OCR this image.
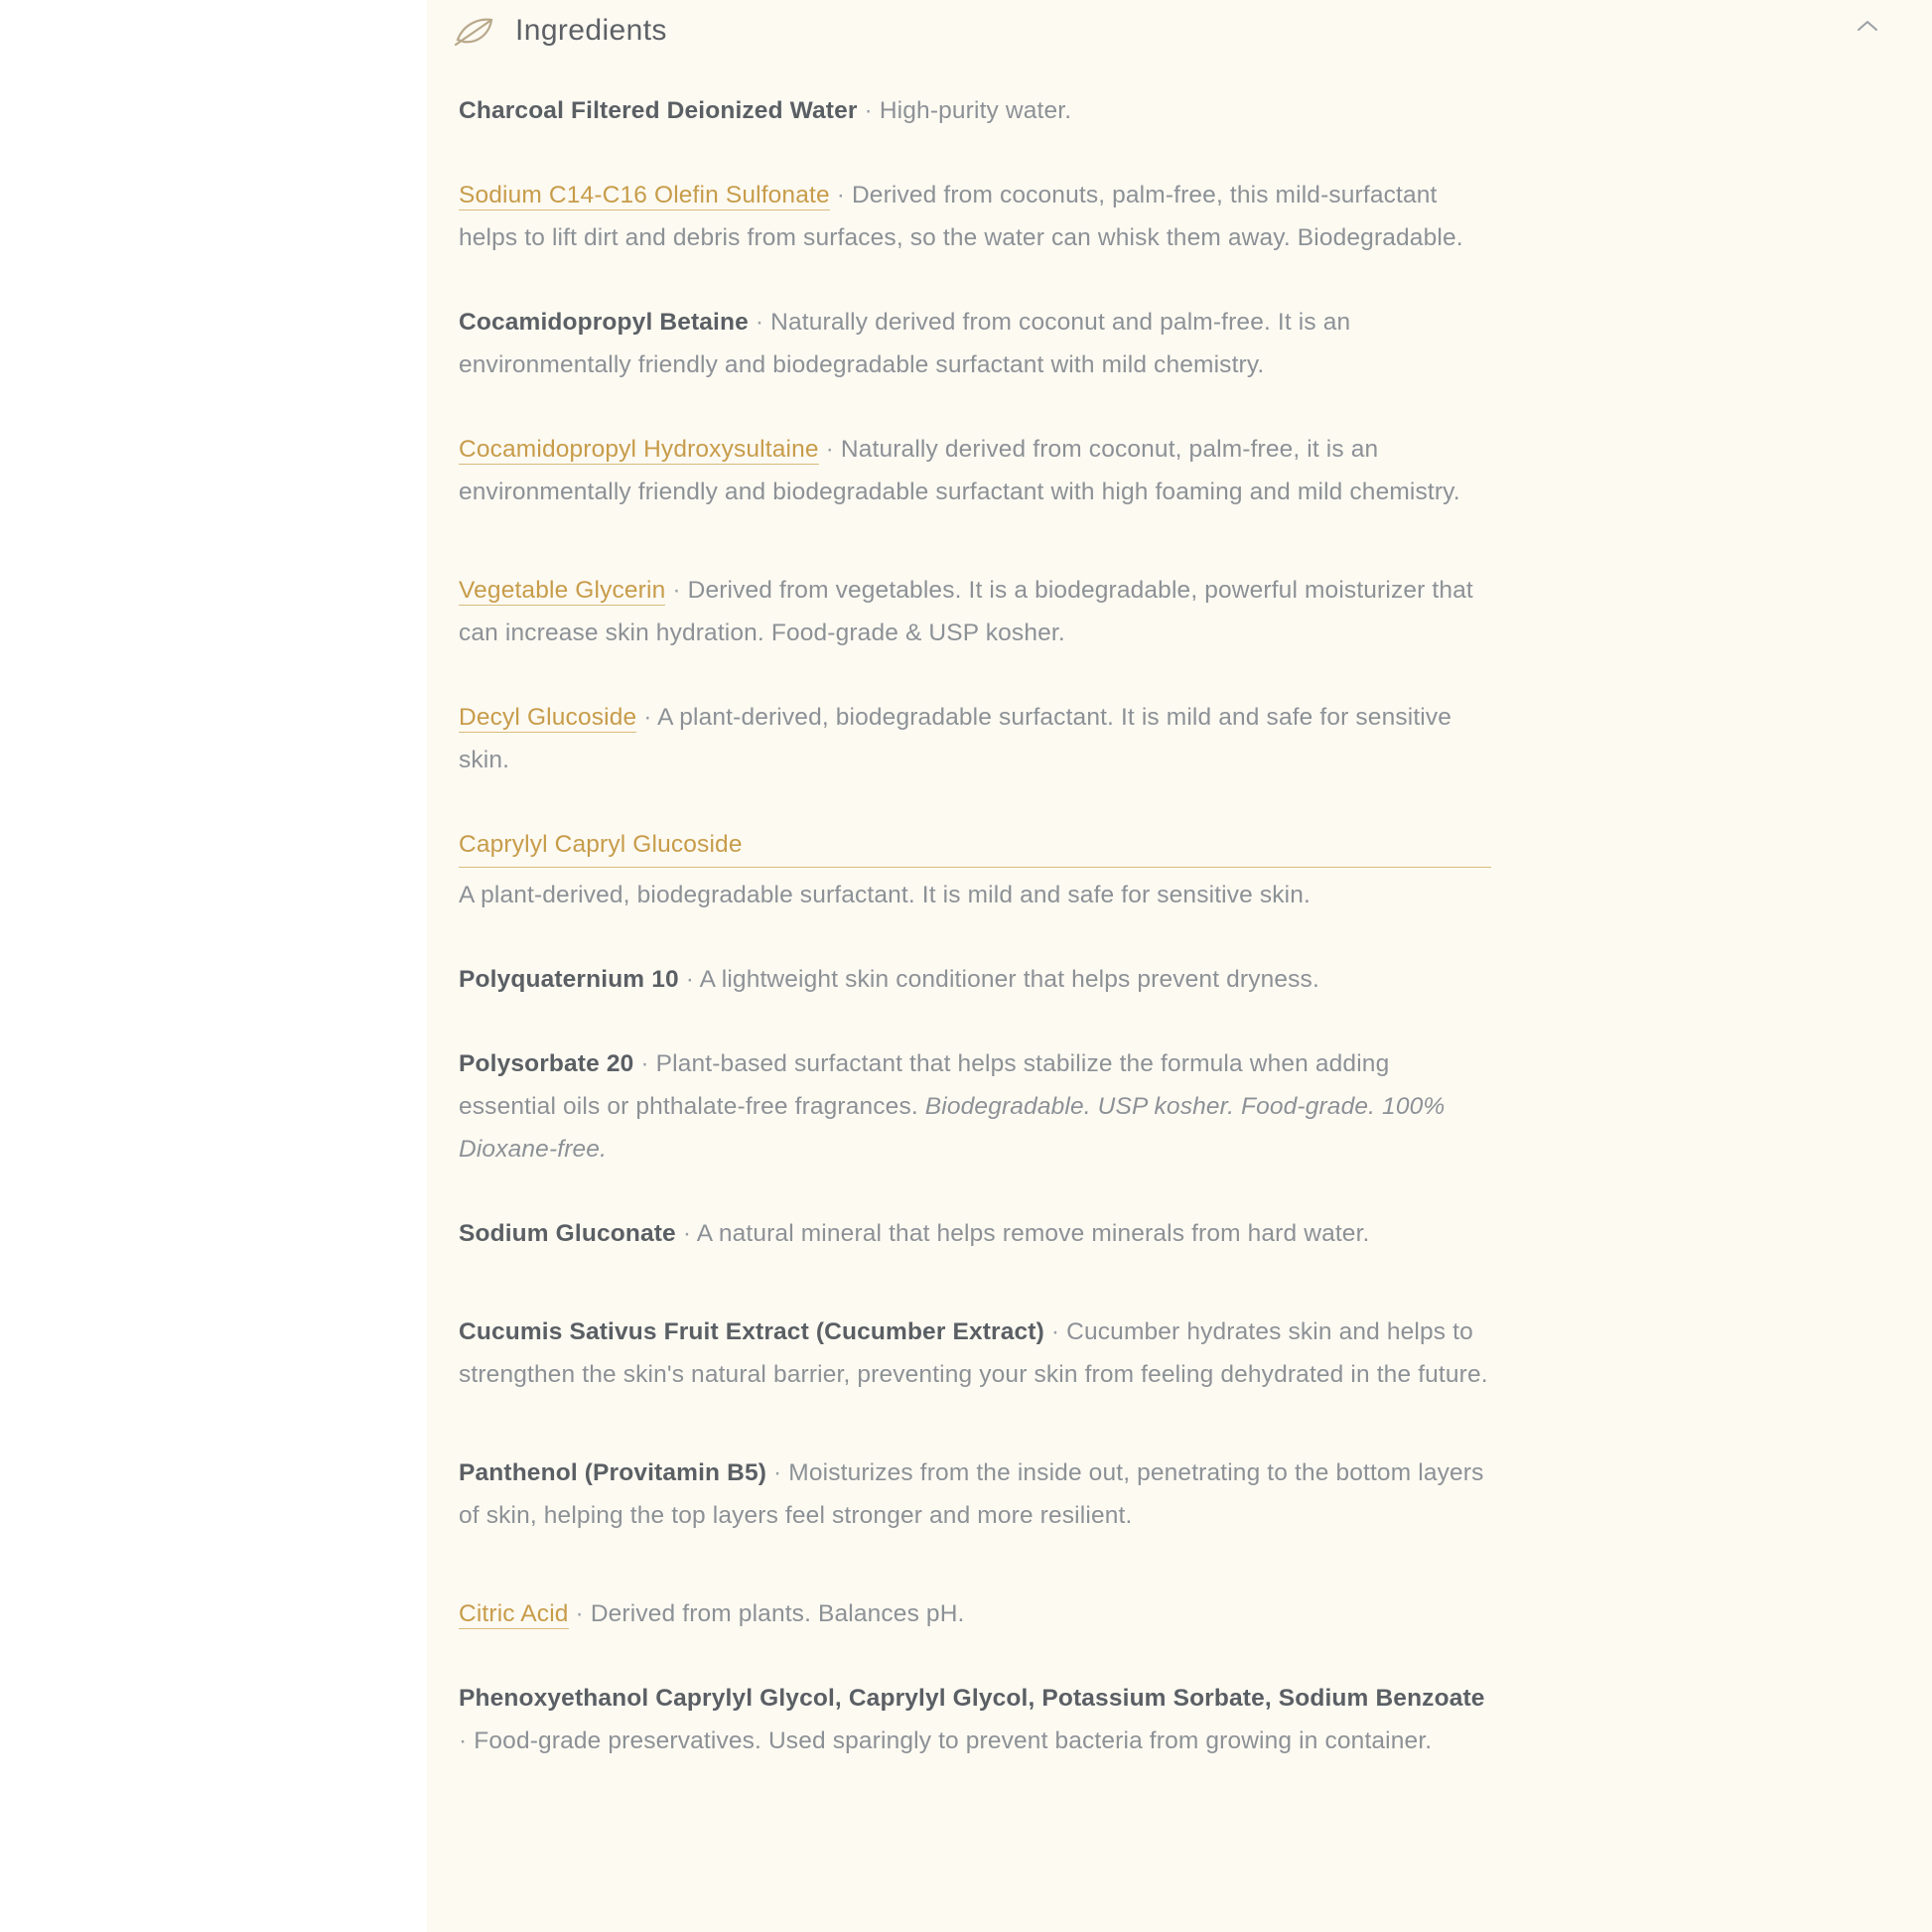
Ingredients

Charcoal Filtered Deionized Water · High-purity water.

Sodium C14-C16 Olefin Sulfonate · Derived from coconuts, palm-free, this mild-surfactant helps to lift dirt and debris from surfaces, so the water can whisk them away. Biodegradable.

Cocamidopropyl Betaine · Naturally derived from coconut and palm-free. It is an environmentally friendly and biodegradable surfactant with mild chemistry.

Cocamidopropyl Hydroxysultaine · Naturally derived from coconut, palm-free, it is an environmentally friendly and biodegradable surfactant with high foaming and mild chemistry.

Vegetable Glycerin · Derived from vegetables. It is a biodegradable, powerful moisturizer that can increase skin hydration. Food-grade & USP kosher.

Decyl Glucoside · A plant-derived, biodegradable surfactant. It is mild and safe for sensitive skin.

Caprylyl Capryl Glucoside
A plant-derived, biodegradable surfactant. It is mild and safe for sensitive skin.

Polyquaternium 10 · A lightweight skin conditioner that helps prevent dryness.

Polysorbate 20 · Plant-based surfactant that helps stabilize the formula when adding essential oils or phthalate-free fragrances. Biodegradable. USP kosher. Food-grade. 100% Dioxane-free.

Sodium Gluconate · A natural mineral that helps remove minerals from hard water.

Cucumis Sativus Fruit Extract (Cucumber Extract) · Cucumber hydrates skin and helps to strengthen the skin's natural barrier, preventing your skin from feeling dehydrated in the future.

Panthenol (Provitamin B5) · Moisturizes from the inside out, penetrating to the bottom layers of skin, helping the top layers feel stronger and more resilient.

Citric Acid · Derived from plants. Balances pH.

Phenoxyethanol Caprylyl Glycol, Caprylyl Glycol, Potassium Sorbate, Sodium Benzoate · Food-grade preservatives. Used sparingly to prevent bacteria from growing in container.
